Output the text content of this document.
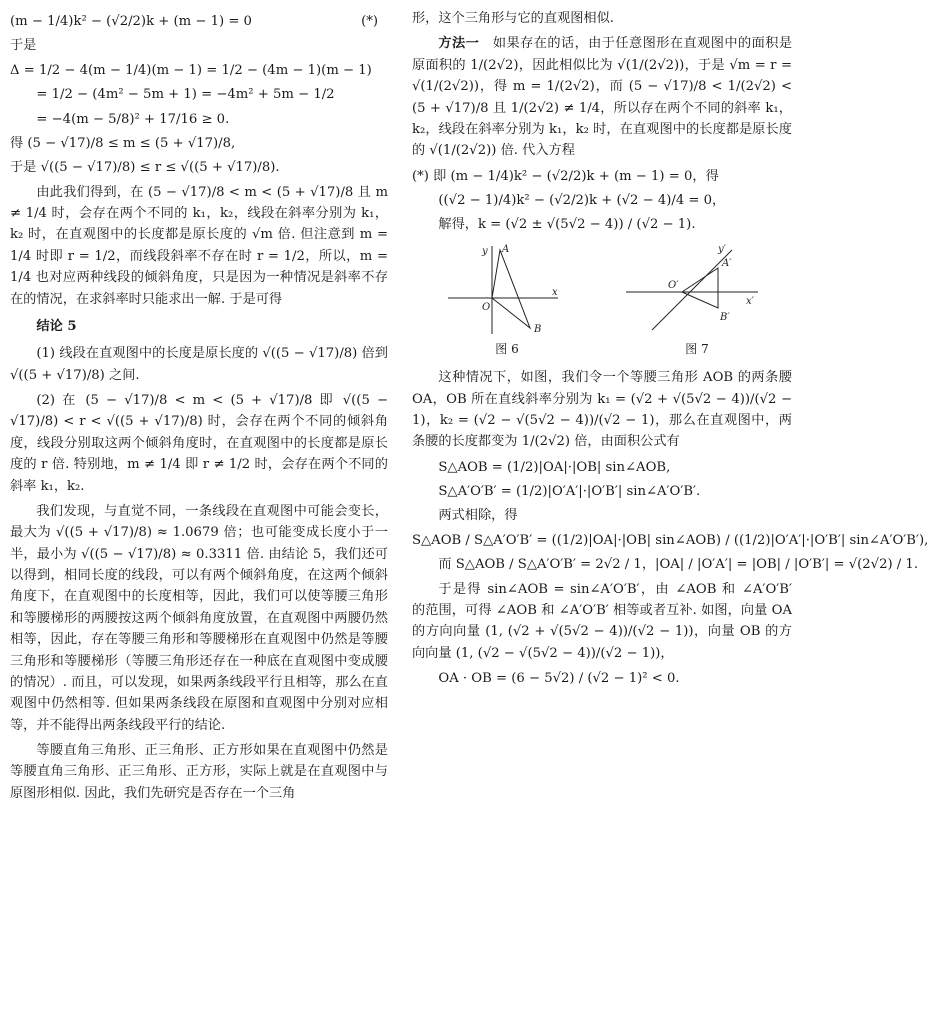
(m − 1/4)k² − (√2/2)k + (m − 1) = 0	(*)
于是
Δ = 1/2 − 4(m − 1/4)(m − 1) = 1/2 − (4m − 1)(m − 1)
= 1/2 − (4m² − 5m + 1) = −4m² + 5m − 1/2
= −4(m − 5/8)² + 17/16 ≥ 0.
得 (5 − √17)/8 ≤ m ≤ (5 + √17)/8,
于是 √((5 − √17)/8) ≤ r ≤ √((5 + √17)/8).

由此我们得到，在 (5 − √17)/8 < m < (5 + √17)/8 且 m ≠ 1/4 时，会存在两个不同的 k₁，k₂，线段在斜率分别为 k₁，k₂ 时，在直观图中的长度都是原长度的 √m 倍. 但注意到 m = 1/4 时即 r = 1/2，而线段斜率不存在时 r = 1/2，所以，m = 1/4 也对应两种线段的倾斜角度，只是因为一种情况是斜率不存在的情况，在求斜率时只能求出一解. 于是可得

结论 5

(1) 线段在直观图中的长度是原长度的 √((5 − √17)/8) 倍到 √((5 + √17)/8) 之间.

(2) 在 (5 − √17)/8 < m < (5 + √17)/8 即 √((5 − √17)/8) < r < √((5 + √17)/8) 时，会存在两个不同的倾斜角度，线段分别取这两个倾斜角度时，在直观图中的长度都是原长度的 r 倍. 特别地，m ≠ 1/4 即 r ≠ 1/2 时，会存在两个不同的斜率 k₁，k₂.

我们发现，与直觉不同，一条线段在直观图中可能会变长，最大为 √((5 + √17)/8) ≈ 1.0679 倍；也可能变成长度小于一半，最小为 √((5 − √17)/8) ≈ 0.3311 倍. 由结论 5，我们还可以得到，相同长度的线段，可以有两个倾斜角度，在这两个倾斜角度下，在直观图中的长度相等，因此，我们可以使等腰三角形和等腰梯形的两腰按这两个倾斜角度放置，在直观图中两腰仍然相等，因此，存在等腰三角形和等腰梯形在直观图中仍然是等腰三角形和等腰梯形（等腰三角形还存在一种底在直观图中变成腰的情况）. 而且，可以发现，如果两条线段平行且相等，那么在直观图中仍然相等. 但如果两条线段在原图和直观图中分别对应相等，并不能得出两条线段平行的结论.

等腰直角三角形、正三角形、正方形如果在直观图中仍然是等腰直角三角形、正三角形、正方形，实际上就是在直观图中与原图形相似. 因此，我们先研究是否存在一个三角

形，这个三角形与它的直观图相似.

方法一  如果存在的话，由于任意图形在直观图中的面积是原面积的 1/(2√2)，因此相似比为 √(1/(2√2))，于是 √m = r = √(1/(2√2))，得 m = 1/(2√2)，而 (5 − √17)/8 < 1/(2√2) < (5 + √17)/8 且 1/(2√2) ≠ 1/4，所以存在两个不同的斜率 k₁，k₂，线段在斜率分别为 k₁，k₂ 时，在直观图中的长度都是原长度的 √(1/(2√2)) 倍. 代入方程

(*) 即 (m − 1/4)k² − (√2/2)k + (m − 1) = 0，得
((√2 − 1)/4)k² − (√2/2)k + (√2 − 4)/4 = 0，
解得，k = (√2 ± √(5√2 − 4)) / (√2 − 1).
y
x
A
O
B
y′
x′
A′
O′
B′
图 6	图 7

这种情况下，如图，我们令一个等腰三角形 AOB 的两条腰 OA，OB 所在直线斜率分别为 k₁ = (√2 + √(5√2 − 4))/(√2 − 1)，k₂ = (√2 − √(5√2 − 4))/(√2 − 1)，那么在直观图中，两条腰的长度都变为 1/(2√2) 倍，由面积公式有

S△AOB = (1/2)|OA|·|OB| sin∠AOB,
S△A′O′B′ = (1/2)|O′A′|·|O′B′| sin∠A′O′B′.
两式相除，得
S△AOB / S△A′O′B′ = ((1/2)|OA|·|OB| sin∠AOB) / ((1/2)|O′A′|·|O′B′| sin∠A′O′B′),
而 S△AOB / S△A′O′B′ = 2√2 / 1，|OA| / |O′A′| = |OB| / |O′B′| = √(2√2) / 1.

于是得 sin∠AOB = sin∠A′O′B′，由 ∠AOB 和 ∠A′O′B′ 的范围，可得 ∠AOB 和 ∠A′O′B′ 相等或者互补. 如图，向量 OA 的方向向量 (1, (√2 + √(5√2 − 4))/(√2 − 1))，向量 OB 的方向向量 (1, (√2 − √(5√2 − 4))/(√2 − 1))，

OA · OB = (6 − 5√2) / (√2 − 1)² < 0.
